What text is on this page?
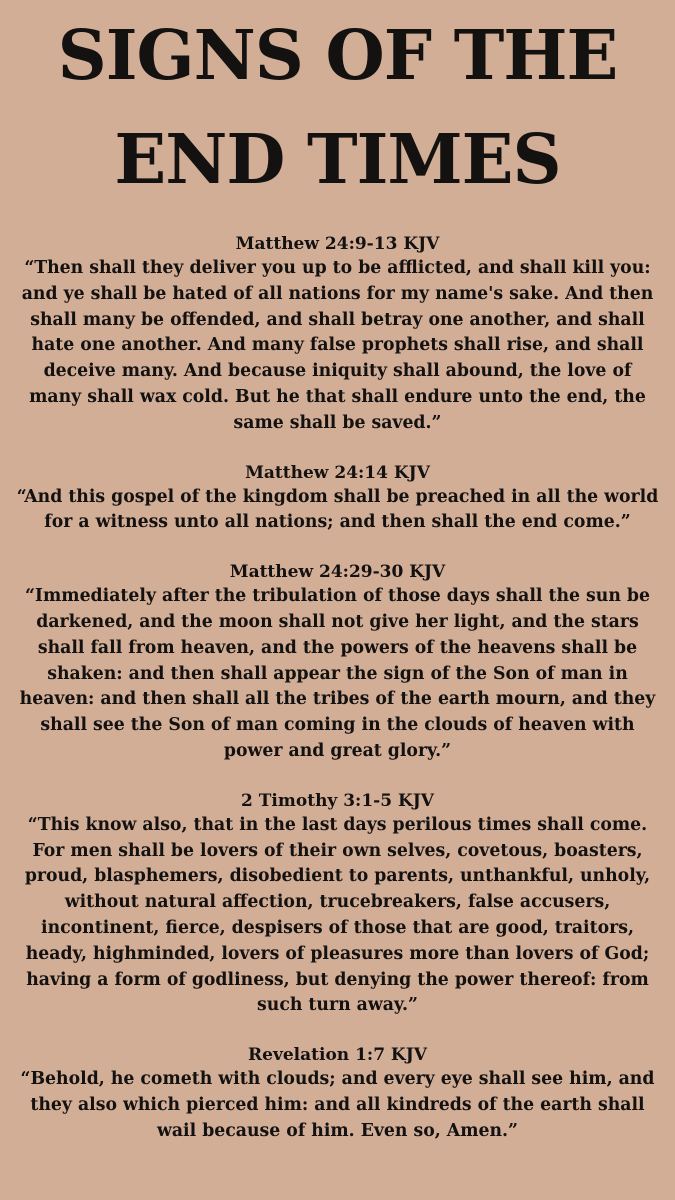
SIGNS OF THE
END TIMES

Matthew 24:9-13 KJV

“Then shall they deliver you up to be afflicted, and shall kill you: and ye shall be hated of all nations for my name's sake. And then shall many be offended, and shall betray one another, and shall hate one another. And many false prophets shall rise, and shall deceive many. And because iniquity shall abound, the love of many shall wax cold. But he that shall endure unto the end, the same shall be saved.”

Matthew 24:14 KJV

“And this gospel of the kingdom shall be preached in all the world for a witness unto all nations; and then shall the end come.”

Matthew 24:29-30 KJV

“Immediately after the tribulation of those days shall the sun be darkened, and the moon shall not give her light, and the stars shall fall from heaven, and the powers of the heavens shall be shaken: and then shall appear the sign of the Son of man in heaven: and then shall all the tribes of the earth mourn, and they shall see the Son of man coming in the clouds of heaven with power and great glory.”

2 Timothy 3:1-5 KJV

“This know also, that in the last days perilous times shall come. For men shall be lovers of their own selves, covetous, boasters, proud, blasphemers, disobedient to parents, unthankful, unholy, without natural affection, trucebreakers, false accusers, incontinent, fierce, despisers of those that are good, traitors, heady, highminded, lovers of pleasures more than lovers of God; having a form of godliness, but denying the power thereof: from such turn away.”

Revelation 1:7 KJV

“Behold, he cometh with clouds; and every eye shall see him, and they also which pierced him: and all kindreds of the earth shall wail because of him. Even so, Amen.”
